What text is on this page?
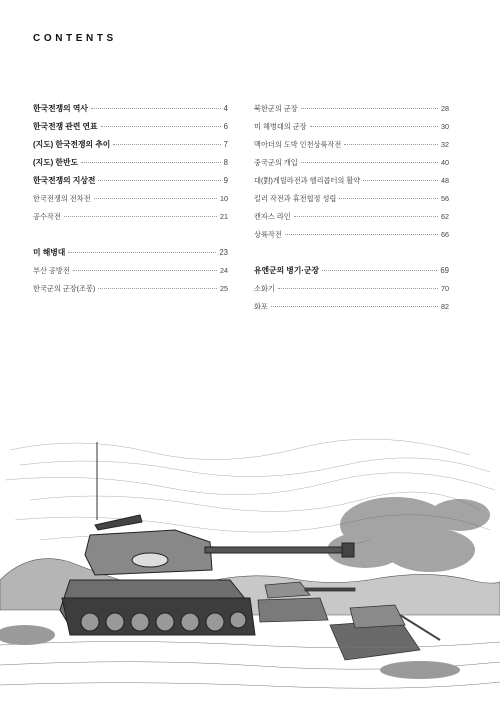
CONTENTS
한국전쟁의 역사	4
한국전쟁 관련 연표	6
(지도) 한국전쟁의 추이	7
(지도) 한반도	8
한국전쟁의 지상전	9
한국전쟁의 전차전	10
공수작전	21
미 해병대	23
부산 공방전	24
한국군의 군장(조봉)	25
북한군의 군장	28
미 해병대의 군장	30
맥아더의 도박 인천상륙작전	32
중국군의 개입	40
대(對)게릴라전과 헬리콥터의 활약	48
킬러 작전과 휴전협정 성립	56
캔자스 라인	62
상륙작전	66
유엔군의 병기·군장	69
소화기	70
화포	82
